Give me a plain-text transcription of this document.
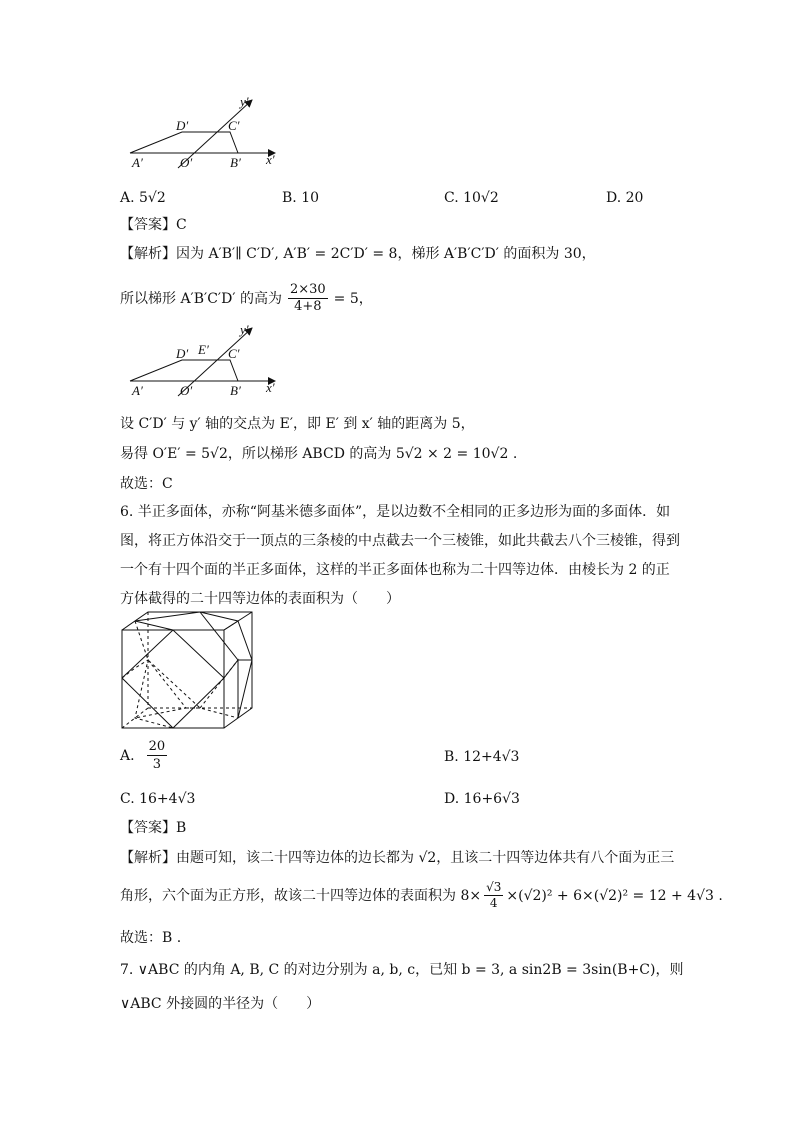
y′
D′	C′
A′	O′	B′ x′
A. 5√2	B. 10	C. 10√2	D. 20
【答案】C
【解析】因为 A′B′∥ C′D′, A′B′ = 2C′D′ = 8，梯形 A′B′C′D′ 的面积为 30，
所以梯形 A′B′C′D′ 的高为 $\frac{2\times 30}{4+8} = 5$，
y′
D′ E′ C′
A′	O′	B′ x′
设 C′D′ 与 y′ 轴的交点为 E′，即 E′ 到 x′ 轴的距离为 5，
易得 O′E′ = 5√2，所以梯形 ABCD 的高为 5√2 × 2 = 10√2 .
故选：C
6. 半正多面体，亦称“阿基米德多面体”，是以边数不全相同的正多边形为面的多面体．如图，将正方体沿交于一顶点的三条棱的中点截去一个三棱锥，如此共截去八个三棱锥，得到一个有十四个面的半正多面体，这样的半正多面体也称为二十四等边体．由棱长为 2 的正方体截得的二十四等边体的表面积为（　　）
A. $\frac{20}{3}$	B. 12+4√3
C. 16+4√3	D. 16+6√3
【答案】B
【解析】由题可知，该二十四等边体的边长都为 √2，且该二十四等边体共有八个面为正三
角形，六个面为正方形，故该二十四等边体的表面积为 $8\times \frac{√3}{4} \times(√2)^2 + 6\times(√2)^2 = 12 + 4√3$ .
故选：B .
7. ∨ABC 的内角 A, B, C 的对边分别为 a, b, c，已知 b = 3, a sin2B = 3sin(B+C)，则
∨ABC 外接圆的半径为（　　）
